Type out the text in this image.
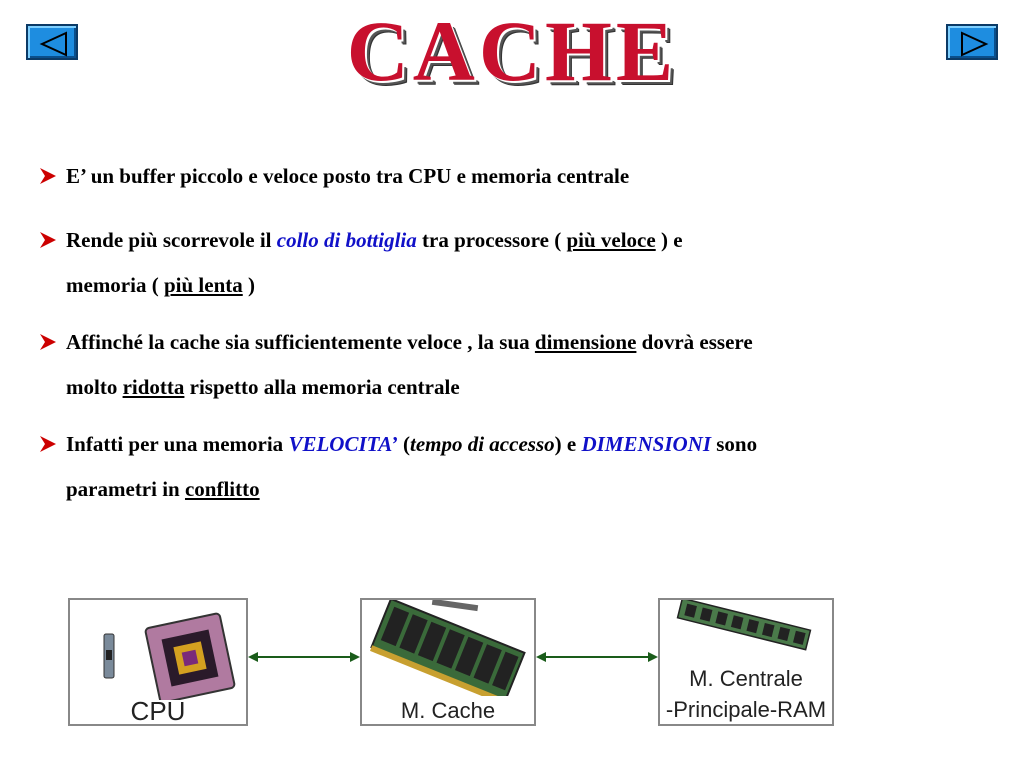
CACHE
E’ un buffer piccolo e veloce posto tra CPU e memoria centrale
Rende più scorrevole il collo di bottiglia tra processore ( più veloce ) e
memoria ( più lenta )
Affinché la cache sia sufficientemente veloce , la sua dimensione dovrà essere
molto ridotta rispetto alla memoria centrale
Infatti per una memoria VELOCITA’ (tempo di accesso) e DIMENSIONI sono
parametri in conflitto
CPU	M. Cache
M. Centrale
-Principale-RAM
